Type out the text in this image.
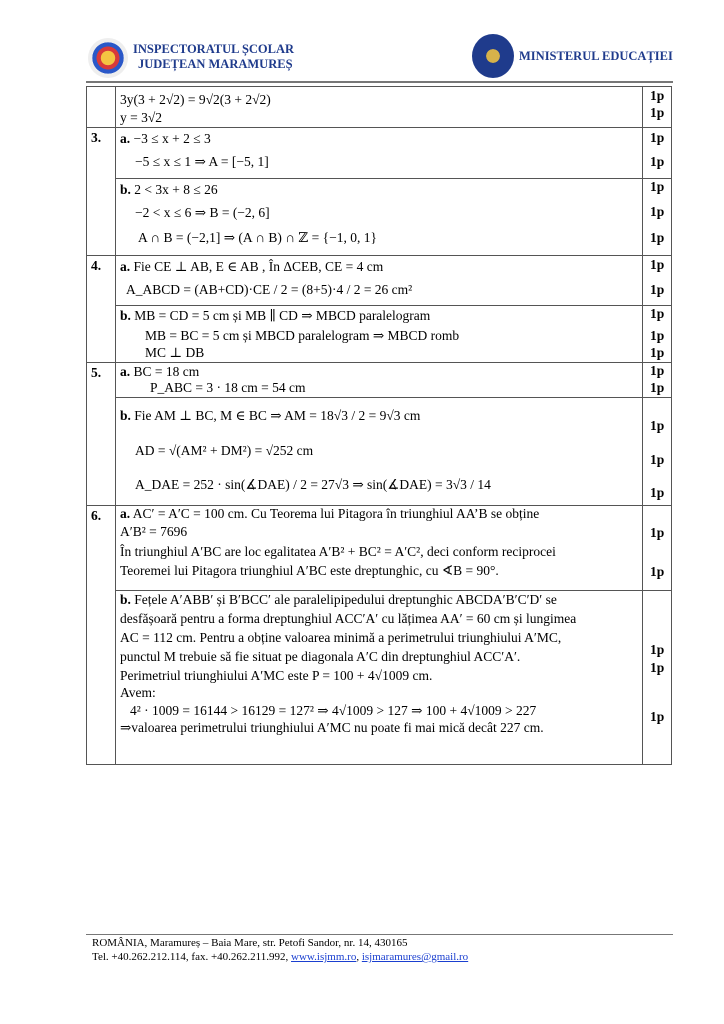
INSPECTORATUL ȘCOLAR
JUDEȚEAN MARAMUREȘ
MINISTERUL EDUCAȚIEI
3y(3 + 2√2) = 9√2(3 + 2√2)
y = 3√2
1p
1p
3. a. −3 ≤ x + 2 ≤ 3
−5 ≤ x ≤ 1 ⇒ A = [−5, 1]
1p
1p
b. 2 < 3x + 8 ≤ 26
−2 < x ≤ 6 ⇒ B = (−2, 6]
A ∩ B = (−2,1] ⇒ (A ∩ B) ∩ ℤ = {−1, 0, 1}
1p
1p
1p
4. a. Fie CE ⊥ AB, E ∈ AB , În ΔCEB, CE = 4 cm
A_ABCD = (AB+CD)·CE / 2 = (8+5)·4 / 2 = 26 cm²
1p
1p
b. MB = CD = 5 cm și MB ∥ CD ⇒ MBCD paralelogram
MB = BC = 5 cm și MBCD paralelogram ⇒ MBCD romb
MC ⊥ DB
1p
1p
1p
5. a. BC = 18 cm
P_ABC = 3 · 18 cm = 54 cm
1p
1p
b. Fie AM ⊥ BC, M ∈ BC ⇒ AM = 18√3 / 2 = 9√3 cm
AD = √(AM² + DM²) = √252 cm
A_DAE = 252 · sin(∡DAE) / 2 = 27√3 ⇒ sin(∡DAE) = 3√3 / 14
1p
1p
1p
6. a. AC′ = A′C = 100 cm. Cu Teorema lui Pitagora în triunghiul AA’B se obține
A′B² = 7696
În triunghiul A′BC are loc egalitatea A′B² + BC² = A′C², deci conform reciprocei
Teoremei lui Pitagora triunghiul A′BC este dreptunghic, cu ∢B = 90°.
1p
1p
b. Fețele A′ABB′ și B′BCC′ ale paralelipipedului dreptunghic ABCDA′B′C′D′ se
desfășoară pentru a forma dreptunghiul ACC′A′ cu lățimea AA′ = 60 cm și lungimea
AC = 112 cm. Pentru a obține valoarea minimă a perimetrului triunghiului A′MC,
punctul M trebuie să fie situat pe diagonala A′C din dreptunghiul ACC′A′.
Perimetriul triunghiului A′MC este P = 100 + 4√1009 cm.
Avem:
4² · 1009 = 16144 > 16129 = 127² ⇒ 4√1009 > 127 ⇒ 100 + 4√1009 > 227
⇒valoarea perimetrului triunghiului A′MC nu poate fi mai mică decât 227 cm.
1p
1p
1p
ROMÂNIA, Maramureș – Baia Mare, str. Petofi Sandor, nr. 14, 430165
Tel. +40.262.212.114, fax. +40.262.211.992, www.isjmm.ro, isjmaramures@gmail.ro
